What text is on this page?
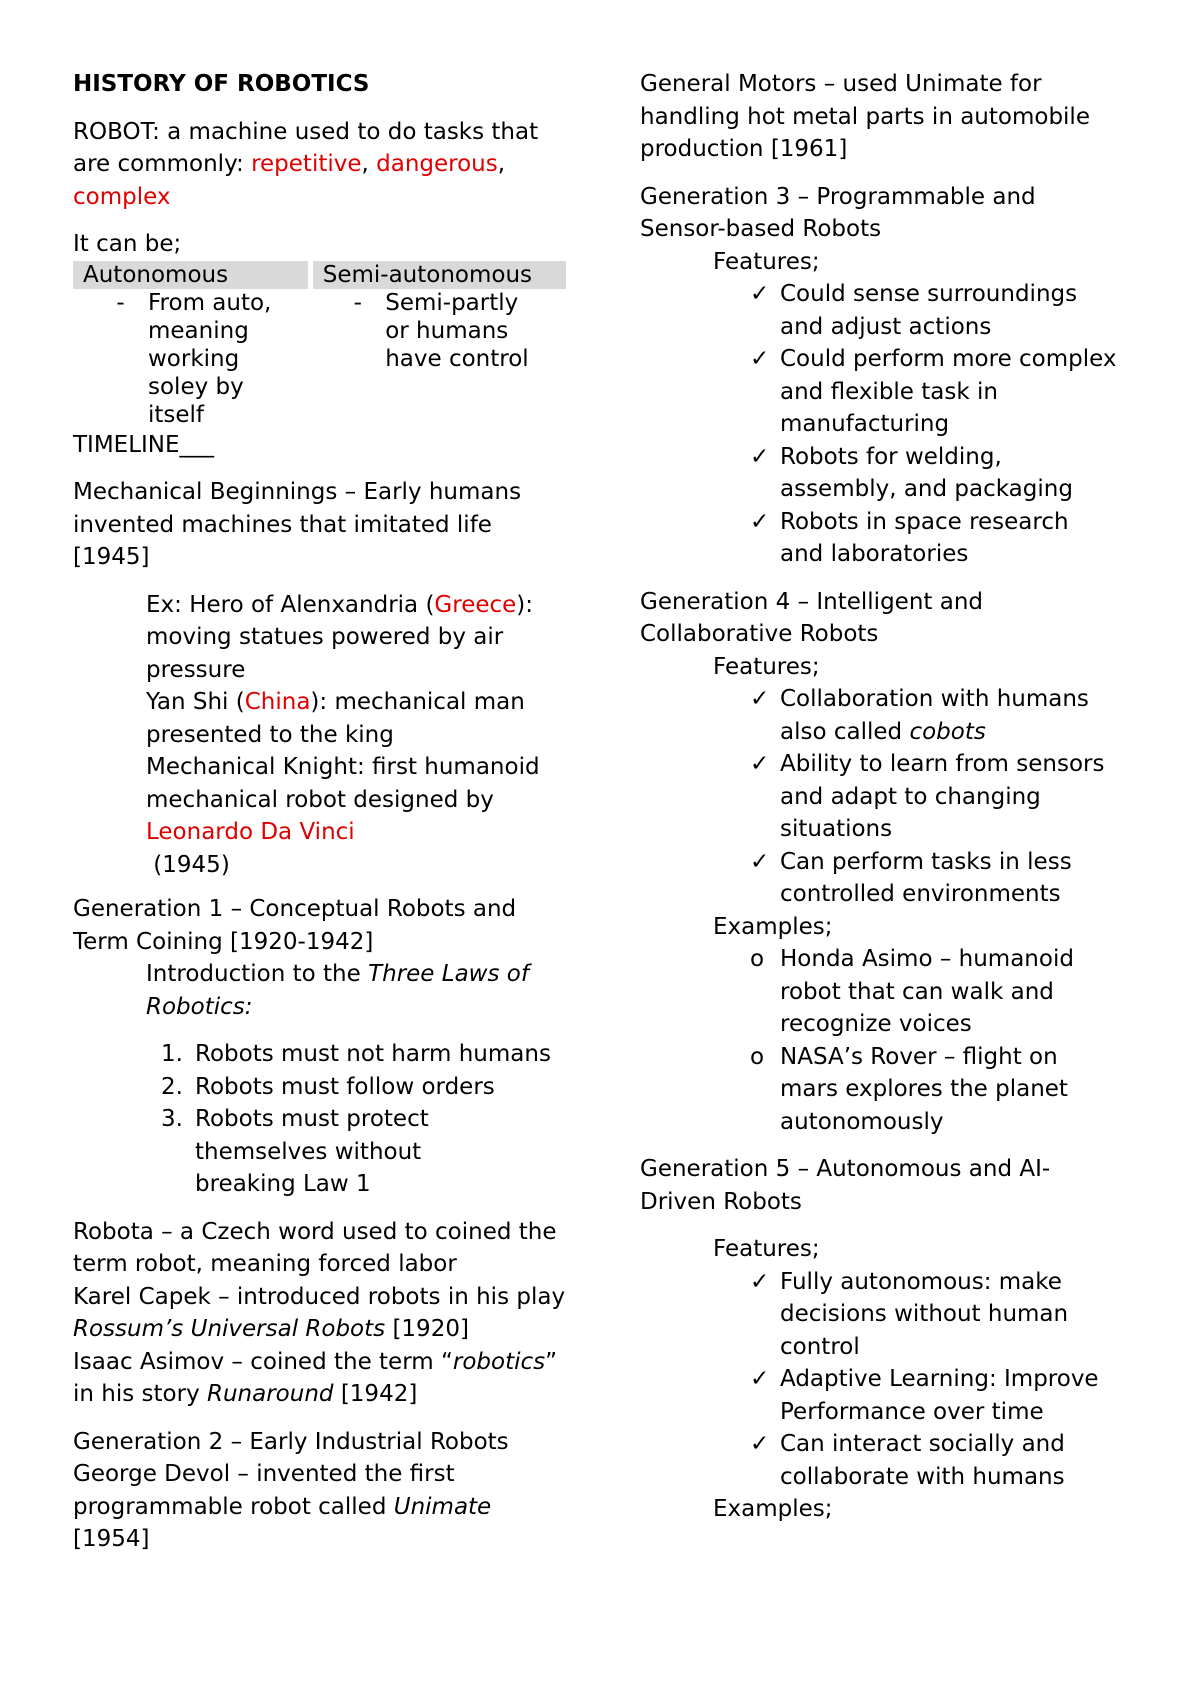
HISTORY OF ROBOTICS

ROBOT: a machine used to do tasks that are commonly: repetitive, dangerous, complex

It can be;

Autonomous	Semi-autonomous

- From auto, meaning working soley by itself	- Semi-partly or humans have control

TIMELINE___

Mechanical Beginnings – Early humans invented machines that imitated life [1945]

Ex: Hero of Alenxandria (Greece): moving statues powered by air pressure

Yan Shi (China): mechanical man presented to the king

Mechanical Knight: first humanoid mechanical robot designed by Leonardo Da Vinci

(1945)

Generation 1 – Conceptual Robots and Term Coining [1920-1942]

Introduction to the Three Laws of Robotics:

1. Robots must not harm humans
2. Robots must follow orders
3. Robots must protect themselves without breaking Law 1

Robota – a Czech word used to coined the term robot, meaning forced labor

Karel Capek – introduced robots in his play Rossum’s Universal Robots [1920]

Isaac Asimov – coined the term “robotics” in his story Runaround [1942]

Generation 2 – Early Industrial Robots

George Devol – invented the first programmable robot called Unimate [1954]

General Motors – used Unimate for handling hot metal parts in automobile production [1961]

Generation 3 – Programmable and Sensor-based Robots

Features;

✓ Could sense surroundings and adjust actions
✓ Could perform more complex and flexible task in manufacturing
✓ Robots for welding, assembly, and packaging
✓ Robots in space research and laboratories

Generation 4 – Intelligent and Collaborative Robots

Features;

✓ Collaboration with humans also called cobots
✓ Ability to learn from sensors and adapt to changing situations
✓ Can perform tasks in less controlled environments

Examples;

o Honda Asimo – humanoid robot that can walk and recognize voices
o NASA’s Rover – flight on mars explores the planet autonomously

Generation 5 – Autonomous and AI-Driven Robots

Features;

✓ Fully autonomous: make decisions without human control
✓ Adaptive Learning: Improve Performance over time
✓ Can interact socially and collaborate with humans

Examples;
